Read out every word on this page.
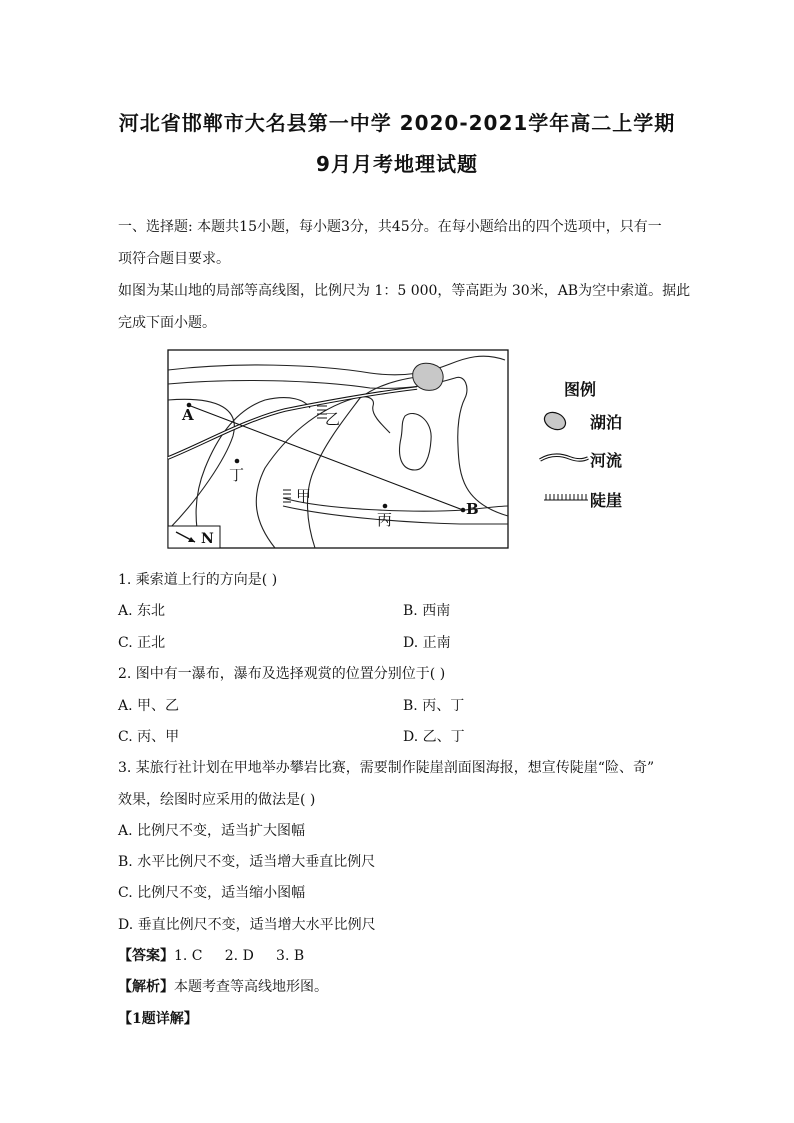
河北省邯郸市大名县第一中学 2020-2021学年高二上学期
9月月考地理试题
一、选择题: 本题共15小题，每小题3分，共45分。在每小题给出的四个选项中，只有一
项符合题目要求。
如图为某山地的局部等高线图，比例尺为 1：5 000，等高距为 30米，AB为空中索道。据此
完成下面小题。
A
B
乙
甲
丙
丁
N
图例
湖泊
河流
陡崖
1. 乘索道上行的方向是( )
A. 东北	B. 西南
C. 正北	D. 正南
2. 图中有一瀑布，瀑布及选择观赏的位置分别位于( )
A. 甲、乙	B. 丙、丁
C. 丙、甲	D. 乙、丁
3. 某旅行社计划在甲地举办攀岩比赛，需要制作陡崖剖面图海报，想宣传陡崖“险、奇”
效果，绘图时应采用的做法是( )
A. 比例尺不变，适当扩大图幅
B. 水平比例尺不变，适当增大垂直比例尺
C. 比例尺不变，适当缩小图幅
D. 垂直比例尺不变，适当增大水平比例尺
【答案】1. C     2. D     3. B
【解析】本题考查等高线地形图。
【1题详解】
